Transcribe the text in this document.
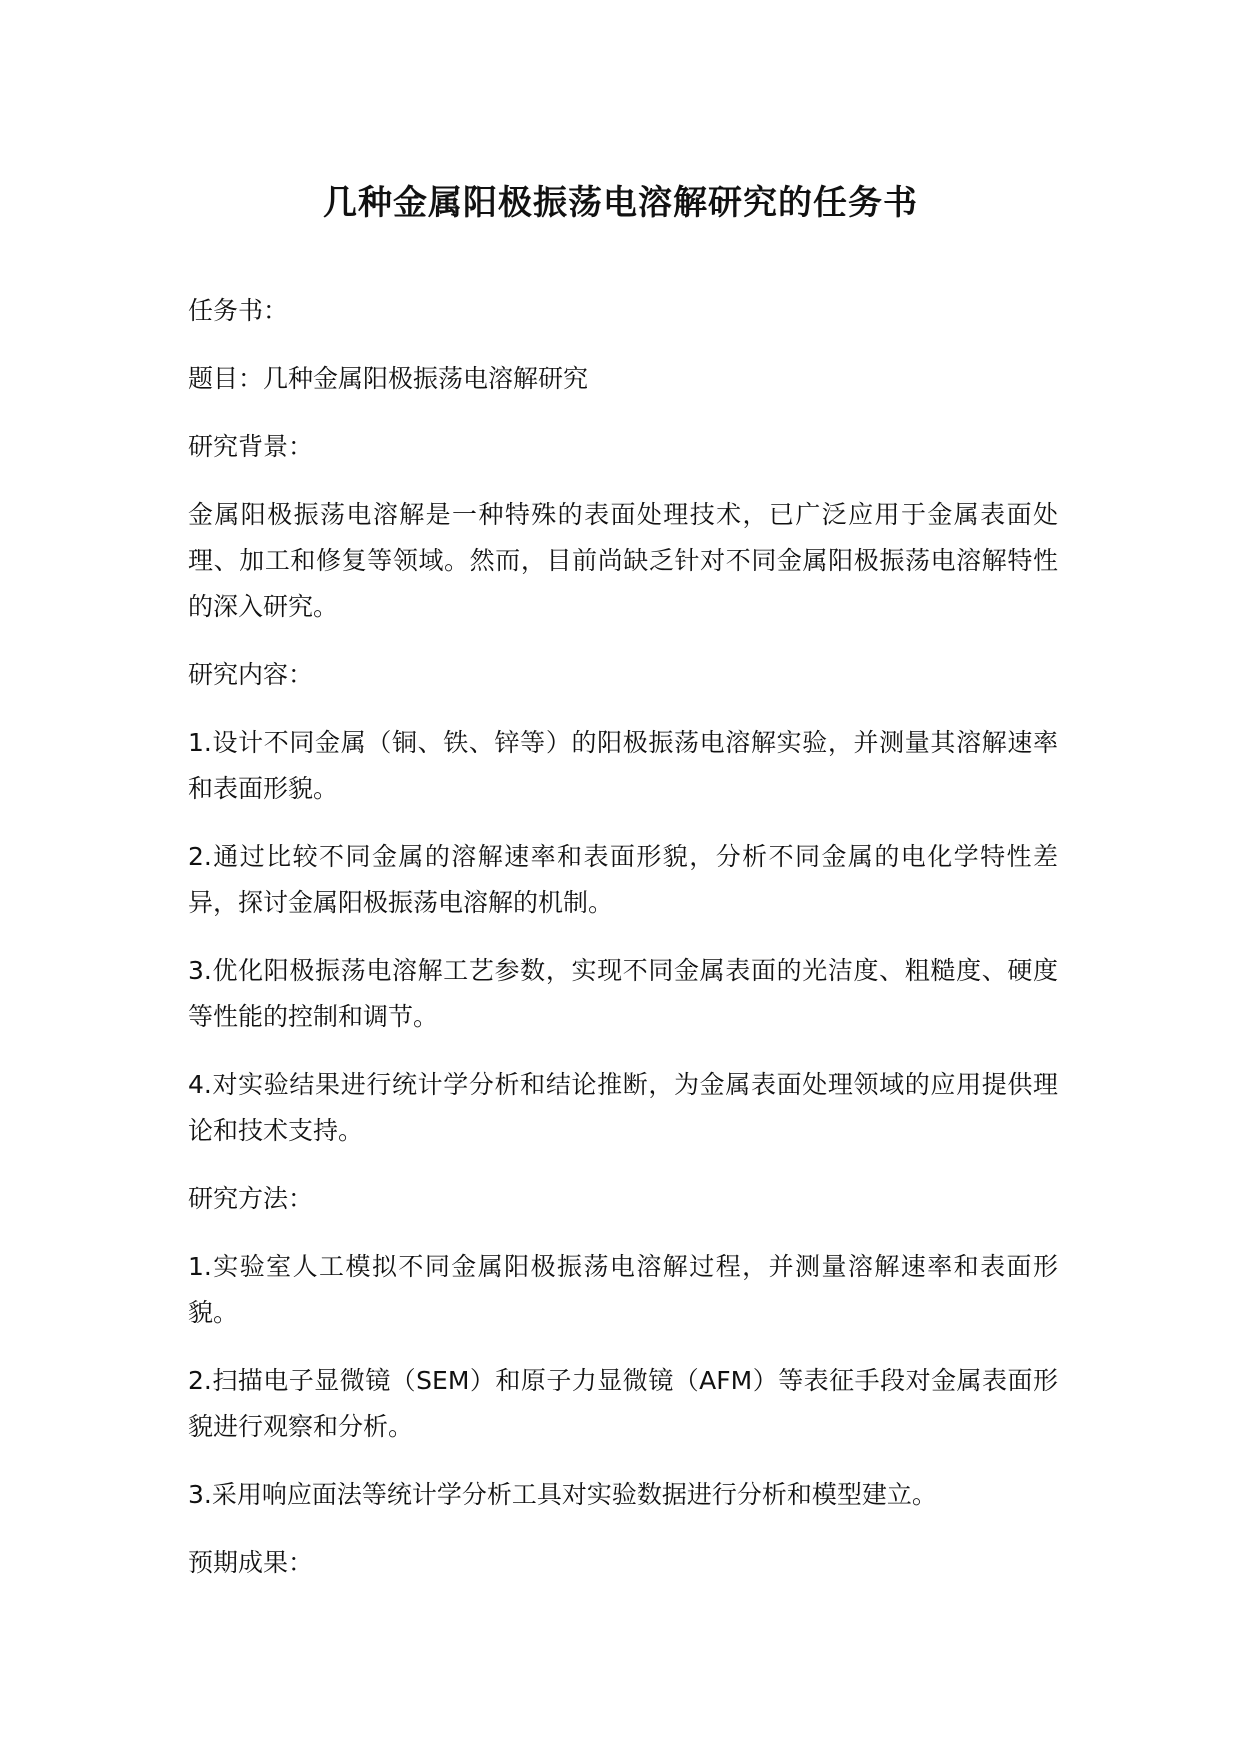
几种金属阳极振荡电溶解研究的任务书

任务书：

题目：几种金属阳极振荡电溶解研究

研究背景：

金属阳极振荡电溶解是一种特殊的表面处理技术，已广泛应用于金属表面处理、加工和修复等领域。然而，目前尚缺乏针对不同金属阳极振荡电溶解特性的深入研究。

研究内容：

1.设计不同金属（铜、铁、锌等）的阳极振荡电溶解实验，并测量其溶解速率和表面形貌。

2.通过比较不同金属的溶解速率和表面形貌，分析不同金属的电化学特性差异，探讨金属阳极振荡电溶解的机制。

3.优化阳极振荡电溶解工艺参数，实现不同金属表面的光洁度、粗糙度、硬度等性能的控制和调节。

4.对实验结果进行统计学分析和结论推断，为金属表面处理领域的应用提供理论和技术支持。

研究方法：

1.实验室人工模拟不同金属阳极振荡电溶解过程，并测量溶解速率和表面形貌。

2.扫描电子显微镜（SEM）和原子力显微镜（AFM）等表征手段对金属表面形貌进行观察和分析。

3.采用响应面法等统计学分析工具对实验数据进行分析和模型建立。

预期成果：
